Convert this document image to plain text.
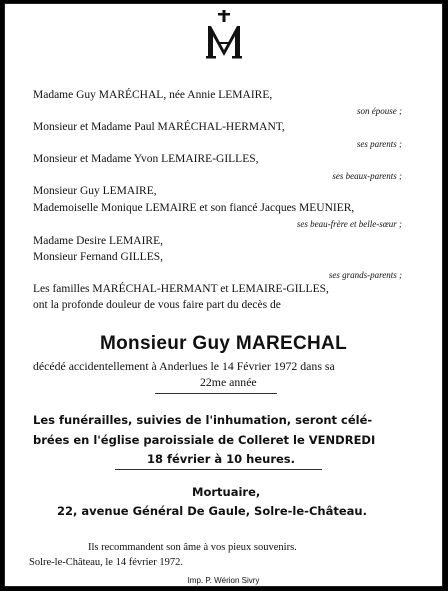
Madame Guy MARÉCHAL, née Annie LEMAIRE,
son épouse ;
Monsieur et Madame Paul MARÉCHAL-HERMANT,
ses parents ;
Monsieur et Madame Yvon LEMAIRE-GILLES,
ses beaux-parents ;
Monsieur Guy LEMAIRE,
Mademoiselle Monique LEMAIRE et son fiancé Jacques MEUNIER,
ses beau-frère et belle-sœur ;
Madame Desire LEMAIRE,
Monsieur Fernand GILLES,
ses grands-parents ;
Les familles MARÉCHAL-HERMANT et LEMAIRE-GILLES,
ont la profonde douleur de vous faire part du decès de
Monsieur Guy MARECHAL
décédé accidentellement à Anderlues le 14 Février 1972 dans sa
22me année
Les funérailles, suivies de l'inhumation, seront célé-
brées en l'église paroissiale de Colleret le VENDREDI
18 février à 10 heures.
Mortuaire,
22, avenue Général De Gaule, Solre-le-Château.
Ils recommandent son âme à vos pieux souvenirs.
Solre-le-Château, le 14 février 1972.
Imp. P. Wérion Sivry
